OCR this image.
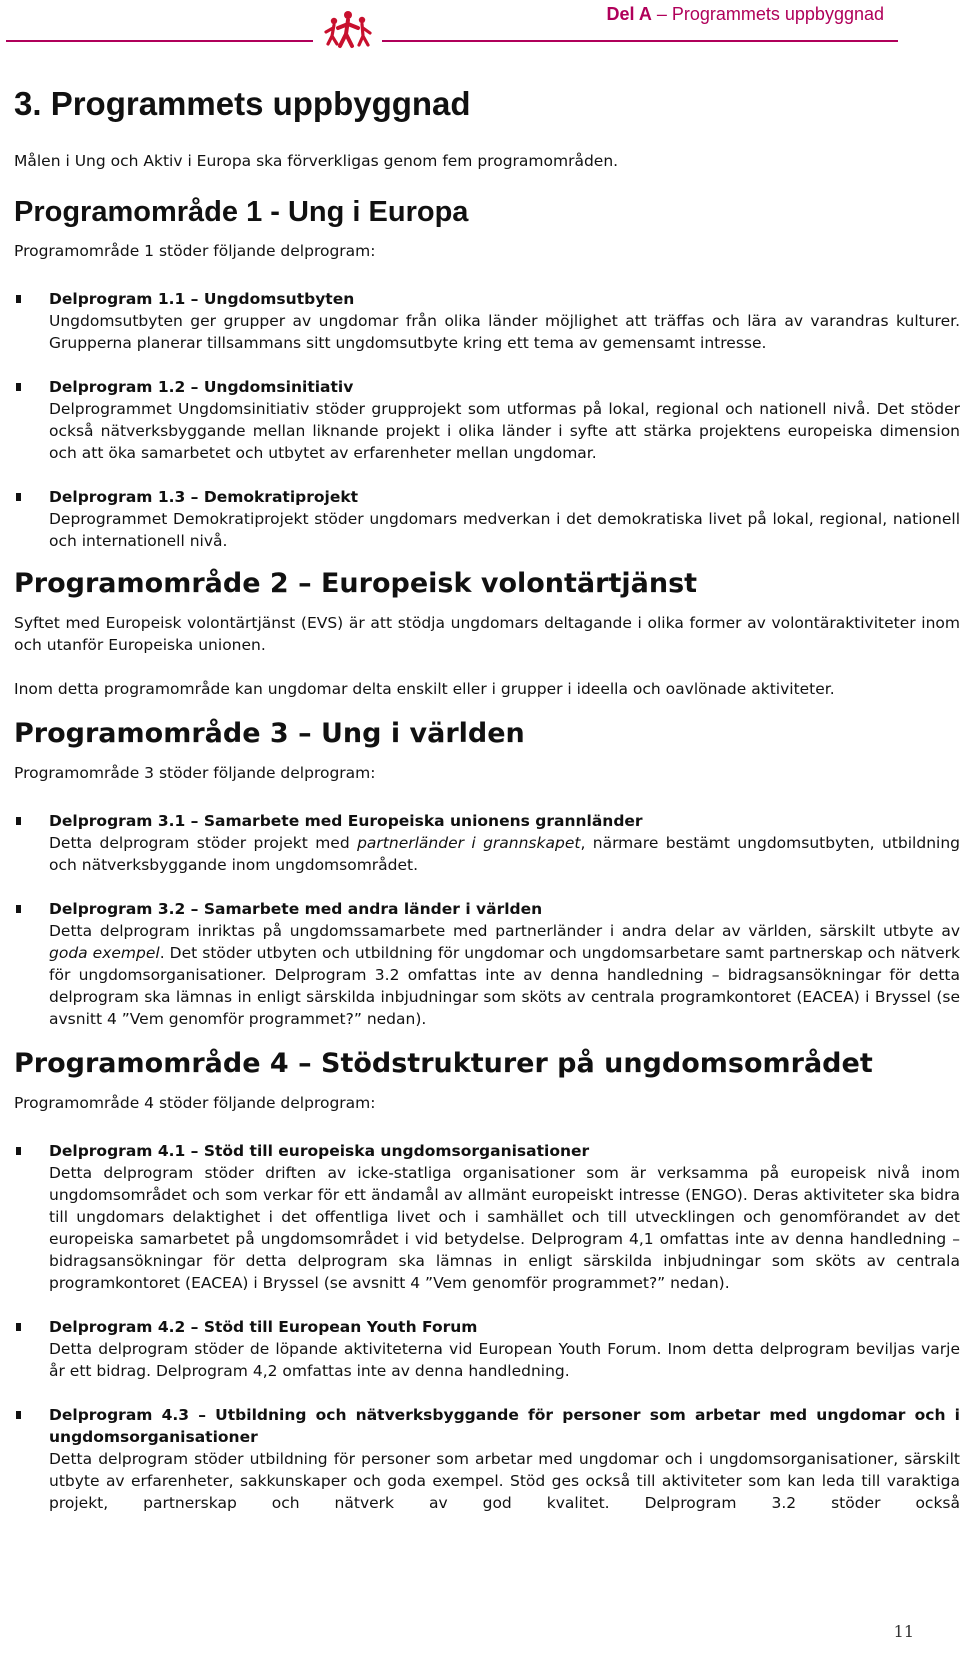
Del A – Programmets uppbyggnad
3. Programmets uppbyggnad

Målen i Ung och Aktiv i Europa ska förverkligas genom fem programområden.

Programområde 1 - Ung i Europa

Programområde 1 stöder följande delprogram:

Delprogram 1.1 – Ungdomsutbyten

Ungdomsutbyten ger grupper av ungdomar från olika länder möjlighet att träffas och lära av varandras kulturer. Grupperna planerar tillsammans sitt ungdomsutbyte kring ett tema av gemensamt intresse.

Delprogram 1.2 – Ungdomsinitiativ

Delprogrammet Ungdomsinitiativ stöder grupprojekt som utformas på lokal, regional och nationell nivå. Det stöder också nätverksbyggande mellan liknande projekt i olika länder i syfte att stärka projektens europeiska dimension och att öka samarbetet och utbytet av erfarenheter mellan ungdomar.

Delprogram 1.3 – Demokratiprojekt

Deprogrammet Demokratiprojekt stöder ungdomars medverkan i det demokratiska livet på lokal, regional, nationell och internationell nivå.

Programområde 2 – Europeisk volontärtjänst

Syftet med Europeisk volontärtjänst (EVS) är att stödja ungdomars deltagande i olika former av volontäraktiviteter inom och utanför Europeiska unionen.

Inom detta programområde kan ungdomar delta enskilt eller i grupper i ideella och oavlönade aktiviteter.

Programområde 3 – Ung i världen

Programområde 3 stöder följande delprogram:

Delprogram 3.1 – Samarbete med Europeiska unionens grannländer

Detta delprogram stöder projekt med partnerländer i grannskapet, närmare bestämt ungdomsutbyten, utbildning och nätverksbyggande inom ungdomsområdet.

Delprogram 3.2 – Samarbete med andra länder i världen

Detta delprogram inriktas på ungdomssamarbete med partnerländer i andra delar av världen, särskilt utbyte av goda exempel. Det stöder utbyten och utbildning för ungdomar och ungdomsarbetare samt partnerskap och nätverk för ungdomsorganisationer. Delprogram 3.2 omfattas inte av denna handledning – bidragsansökningar för detta delprogram ska lämnas in enligt särskilda inbjudningar som sköts av centrala programkontoret (EACEA) i Bryssel (se avsnitt 4 ”Vem genomför programmet?” nedan).

Programområde 4 – Stödstrukturer på ungdomsområdet

Programområde 4 stöder följande delprogram:

Delprogram 4.1 – Stöd till europeiska ungdomsorganisationer

Detta delprogram stöder driften av icke-statliga organisationer som är verksamma på europeisk nivå inom ungdomsområdet och som verkar för ett ändamål av allmänt europeiskt intresse (ENGO). Deras aktiviteter ska bidra till ungdomars delaktighet i det offentliga livet och i samhället och till utvecklingen och genomförandet av det europeiska samarbetet på ungdomsområdet i vid betydelse. Delprogram 4,1 omfattas inte av denna handledning – bidragsansökningar för detta delprogram ska lämnas in enligt särskilda inbjudningar som sköts av centrala programkontoret (EACEA) i Bryssel (se avsnitt 4 ”Vem genomför programmet?” nedan).

Delprogram 4.2 – Stöd till European Youth Forum

Detta delprogram stöder de löpande aktiviteterna vid European Youth Forum. Inom detta delprogram beviljas varje år ett bidrag. Delprogram 4,2 omfattas inte av denna handledning.

Delprogram 4.3 – Utbildning och nätverksbyggande för personer som arbetar med ungdomar och i ungdomsorganisationer

Detta delprogram stöder utbildning för personer som arbetar med ungdomar och i ungdomsorganisationer, särskilt utbyte av erfarenheter, sakkunskaper och goda exempel. Stöd ges också till aktiviteter som kan leda till varaktiga projekt, partnerskap och nätverk av god kvalitet. Delprogram 3.2 stöder också

11
